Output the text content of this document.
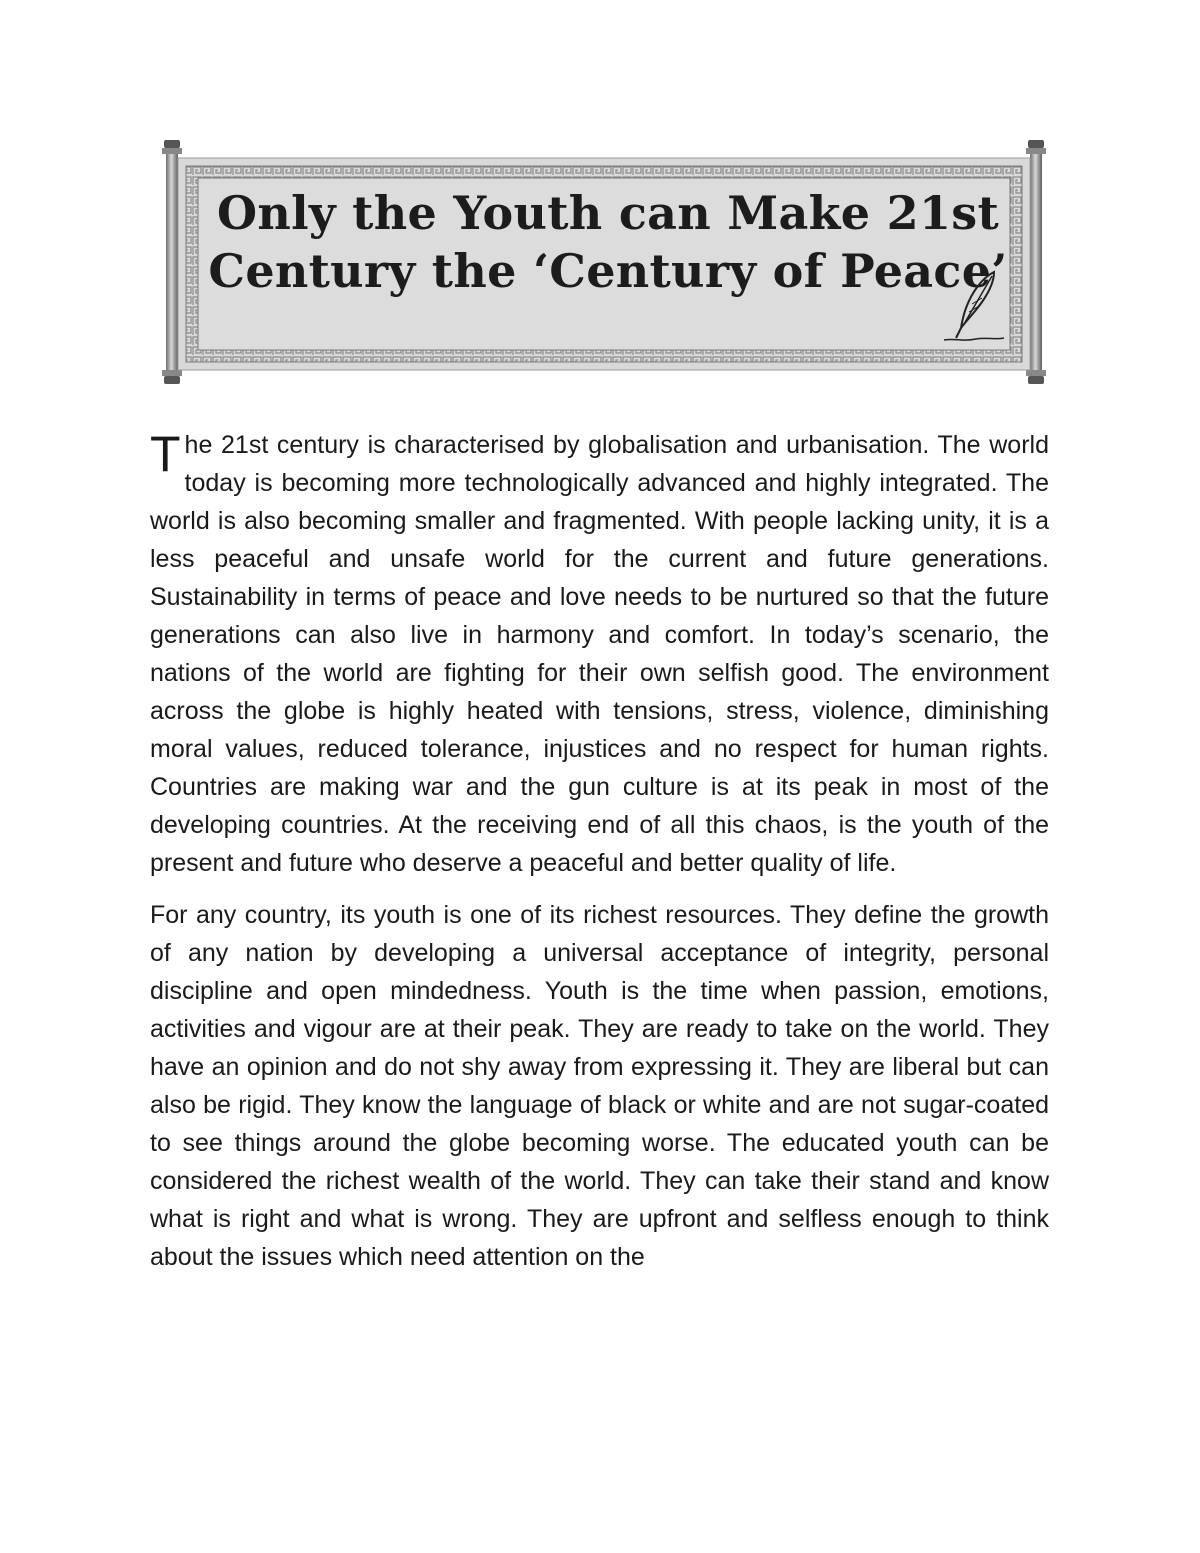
Only the Youth can Make 21st
Century the ‘Century of Peace’

The 21st century is characterised by globalisation and urbanisation. The world today is becoming more technologically advanced and highly integrated. The world is also becoming smaller and fragmented. With people lacking unity, it is a less peaceful and unsafe world for the current and future generations. Sustainability in terms of peace and love needs to be nurtured so that the future generations can also live in harmony and comfort. In today’s scenario, the nations of the world are fighting for their own selfish good. The environment across the globe is highly heated with tensions, stress, violence, diminishing moral values, reduced tolerance, injustices and no respect for human rights. Countries are making war and the gun culture is at its peak in most of the developing countries. At the receiving end of all this chaos, is the youth of the present and future who deserve a peaceful and better quality of life.

For any country, its youth is one of its richest resources. They define the growth of any nation by developing a universal acceptance of integrity, personal discipline and open mindedness. Youth is the time when passion, emotions, activities and vigour are at their peak. They are ready to take on the world. They have an opinion and do not shy away from expressing it. They are liberal but can also be rigid. They know the language of black or white and are not sugar-coated to see things around the globe becoming worse. The educated youth can be considered the richest wealth of the world. They can take their stand and know what is right and what is wrong. They are upfront and selfless enough to think about the issues which need attention on the
